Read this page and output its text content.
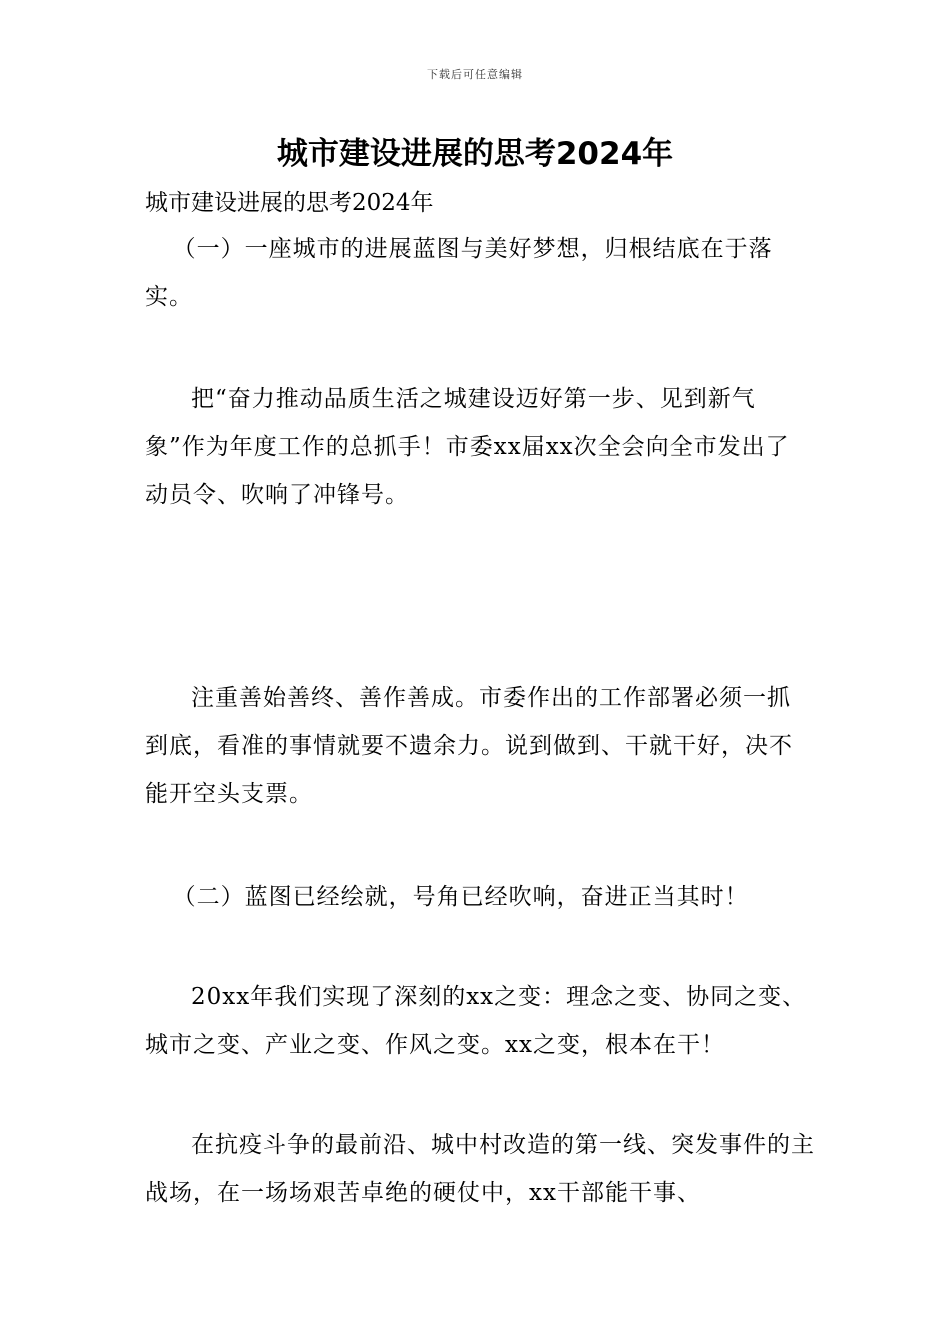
下载后可任意编辑
城市建设进展的思考2024年

城市建设进展的思考2024年

（一）一座城市的进展蓝图与美好梦想，归根结底在于落实。

把“奋力推动品质生活之城建设迈好第一步、见到新气象”作为年度工作的总抓手！市委xx届xx次全会向全市发出了动员令、吹响了冲锋号。

注重善始善终、善作善成。市委作出的工作部署必须一抓到底，看准的事情就要不遗余力。说到做到、干就干好，决不能开空头支票。

（二）蓝图已经绘就，号角已经吹响，奋进正当其时！

20xx年我们实现了深刻的xx之变：理念之变、协同之变、城市之变、产业之变、作风之变。xx之变，根本在干！

在抗疫斗争的最前沿、城中村改造的第一线、突发事件的主战场，在一场场艰苦卓绝的硬仗中，xx干部能干事、
